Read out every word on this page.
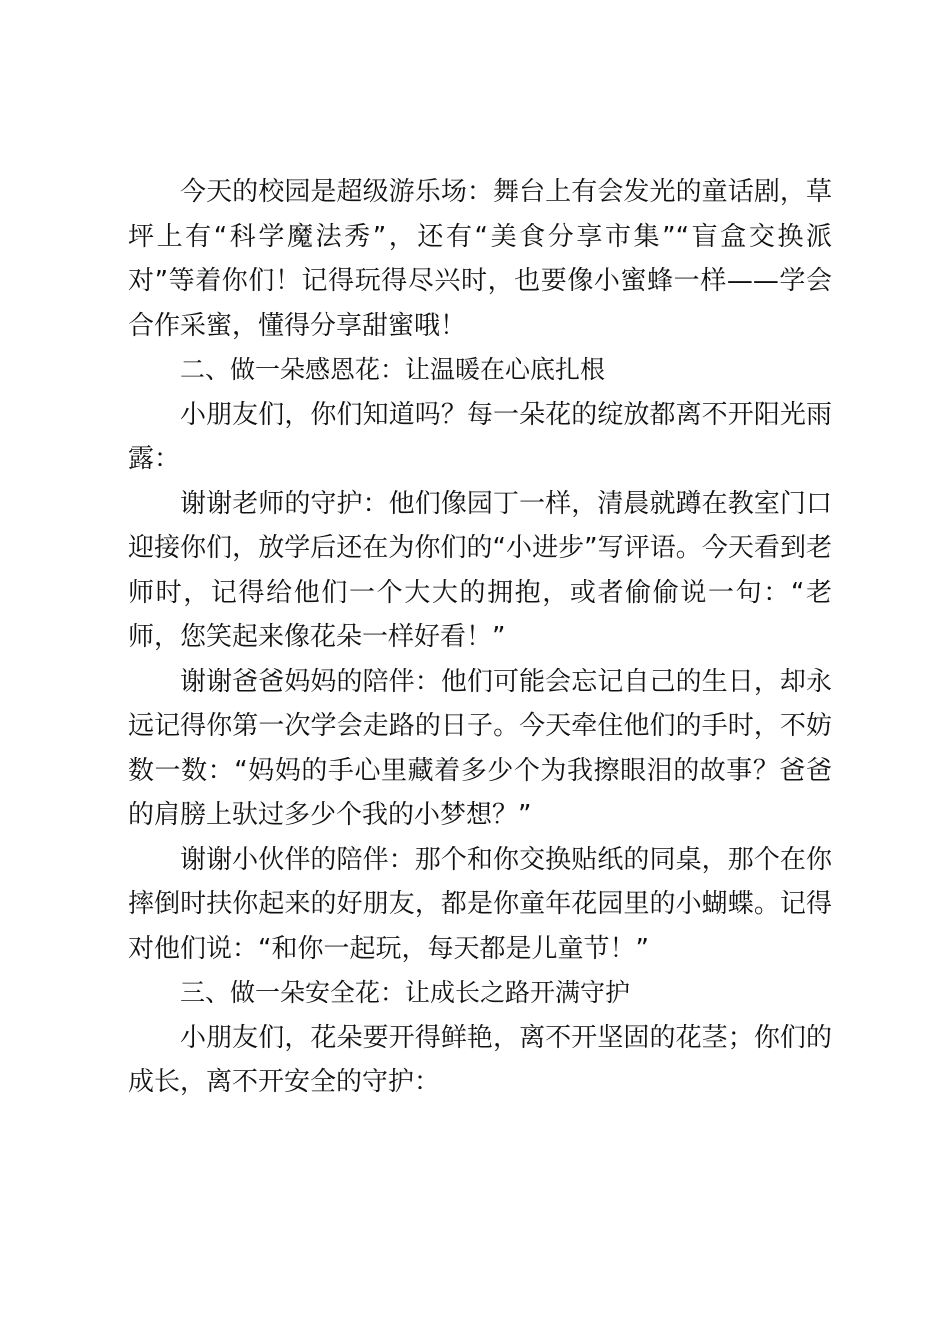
今天的校园是超级游乐场：舞台上有会发光的童话剧，草坪上有“科学魔法秀”，还有“美食分享市集”“盲盒交换派对”等着你们！记得玩得尽兴时，也要像小蜜蜂一样——学会合作采蜜，懂得分享甜蜜哦！

二、做一朵感恩花：让温暖在心底扎根

小朋友们，你们知道吗？每一朵花的绽放都离不开阳光雨露：

谢谢老师的守护：他们像园丁一样，清晨就蹲在教室门口迎接你们，放学后还在为你们的“小进步”写评语。今天看到老师时，记得给他们一个大大的拥抱，或者偷偷说一句：“老师，您笑起来像花朵一样好看！”

谢谢爸爸妈妈的陪伴：他们可能会忘记自己的生日，却永远记得你第一次学会走路的日子。今天牵住他们的手时，不妨数一数：“妈妈的手心里藏着多少个为我擦眼泪的故事？爸爸的肩膀上驮过多少个我的小梦想？”

谢谢小伙伴的陪伴：那个和你交换贴纸的同桌，那个在你摔倒时扶你起来的好朋友，都是你童年花园里的小蝴蝶。记得对他们说：“和你一起玩，每天都是儿童节！”

三、做一朵安全花：让成长之路开满守护

小朋友们，花朵要开得鲜艳，离不开坚固的花茎；你们的成长，离不开安全的守护：
